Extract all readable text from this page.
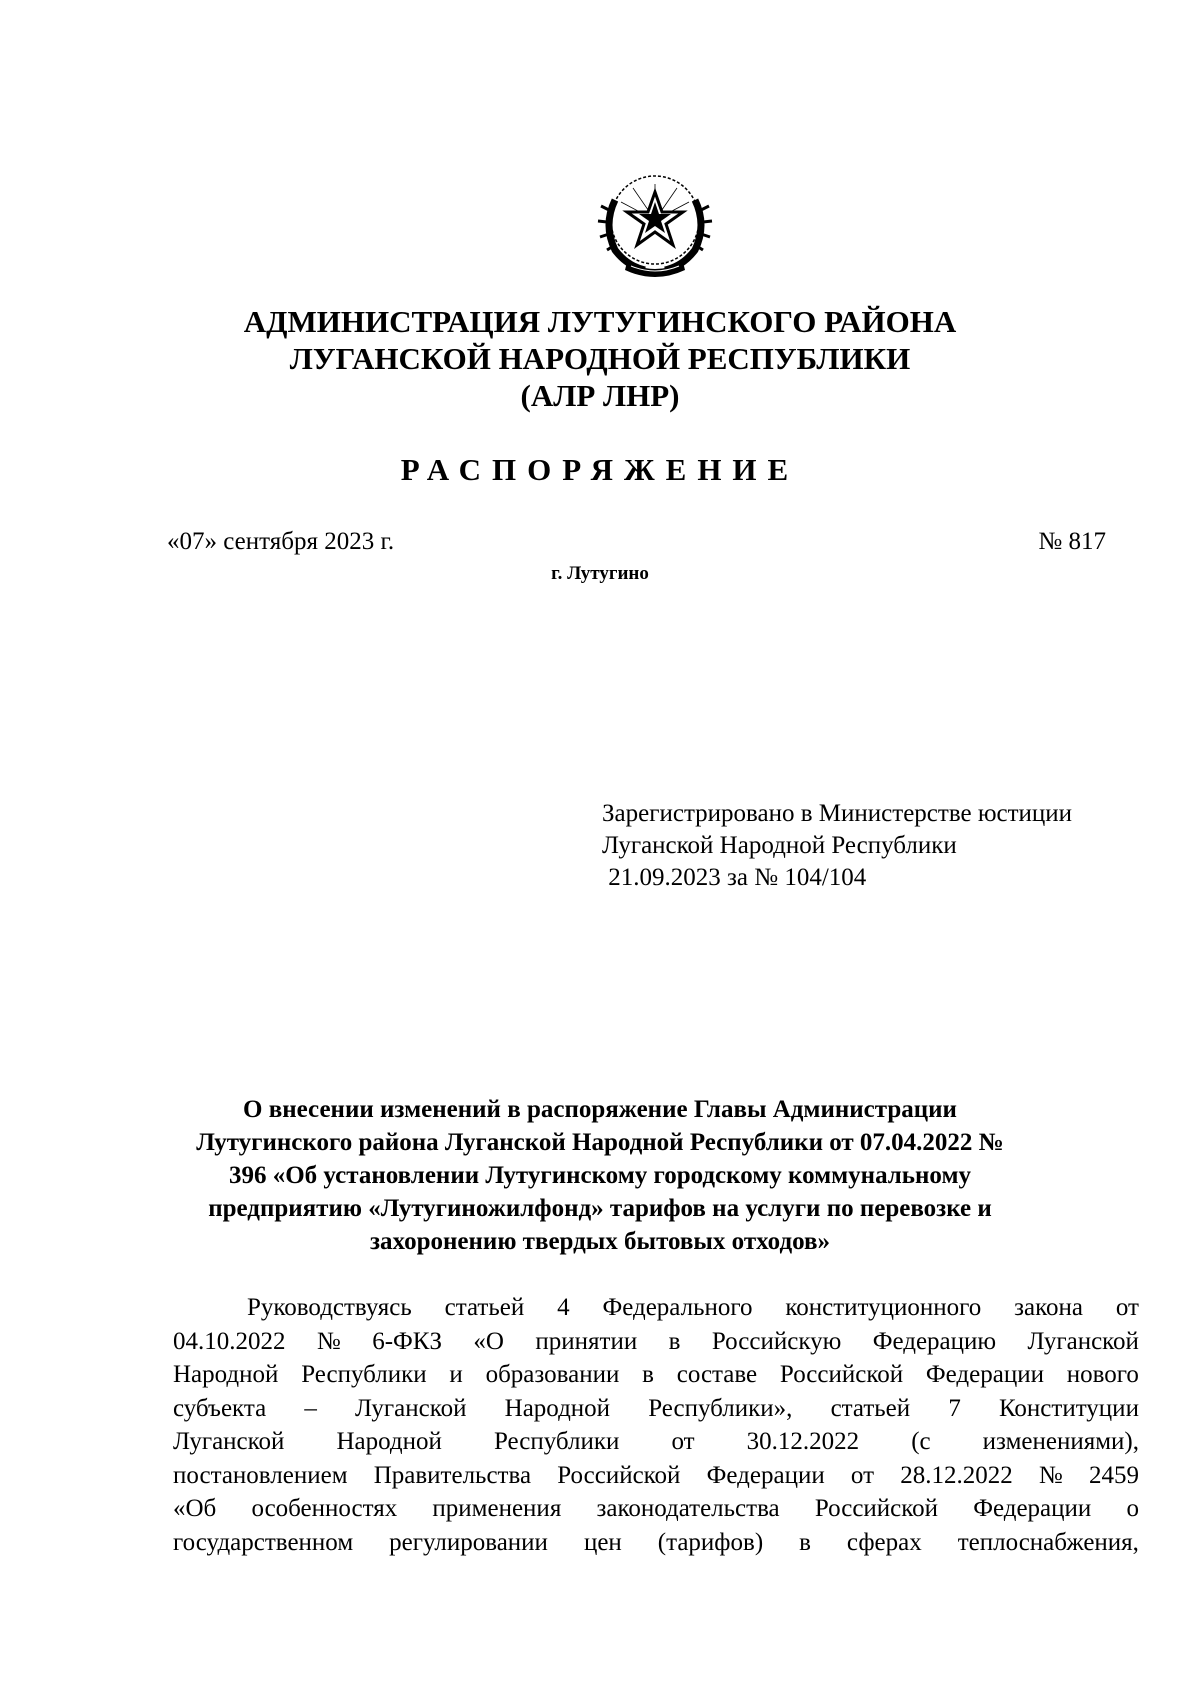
АДМИНИСТРАЦИЯ ЛУТУГИНСКОГО РАЙОНА
ЛУГАНСКОЙ НАРОДНОЙ РЕСПУБЛИКИ
(АЛР ЛНР)
РАСПОРЯЖЕНИЕ
«07» сентября 2023 г.	№ 817
г. Лутугино
Зарегистрировано в Министерстве юстиции
Луганской Народной Республики
21.09.2023 за № 104/104
О внесении изменений в распоряжение Главы Администрации
Лутугинского района Луганской Народной Республики от 07.04.2022 №
396 «Об установлении Лутугинскому городскому коммунальному
предприятию «Лутугиножилфонд» тарифов на услуги по перевозке и
захоронению твердых бытовых отходов»
Руководствуясь статьей 4 Федерального конституционного закона от
04.10.2022 № 6-ФКЗ «О принятии в Российскую Федерацию Луганской
Народной Республики и образовании в составе Российской Федерации нового
субъекта – Луганской Народной Республики», статьей 7 Конституции
Луганской Народной Республики от 30.12.2022 (с изменениями),
постановлением Правительства Российской Федерации от 28.12.2022 № 2459
«Об особенностях применения законодательства Российской Федерации о
государственном регулировании цен (тарифов) в сферах теплоснабжения,
